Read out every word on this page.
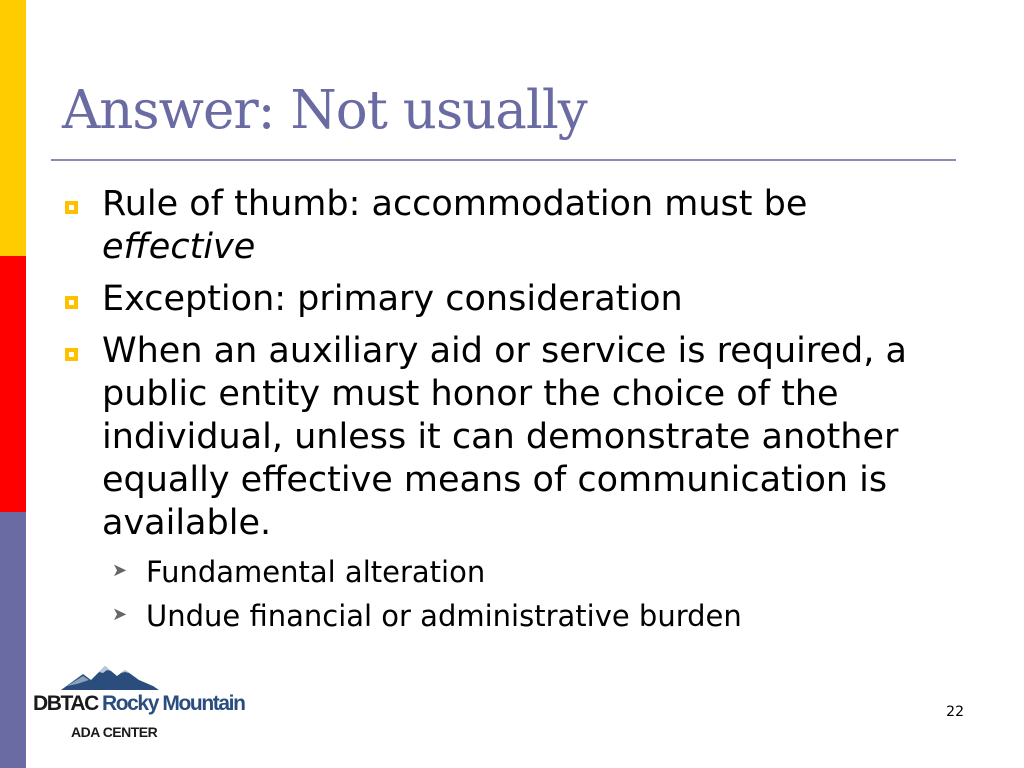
Answer: Not usually
Rule of thumb: accommodation must be effective
Exception: primary consideration
When an auxiliary aid or service is required, a public entity must honor the choice of the individual, unless it can demonstrate another equally effective means of communication is available.
➤ Fundamental alteration
➤ Undue financial or administrative burden
DBTAC Rocky Mountain
ADA CENTER
22
